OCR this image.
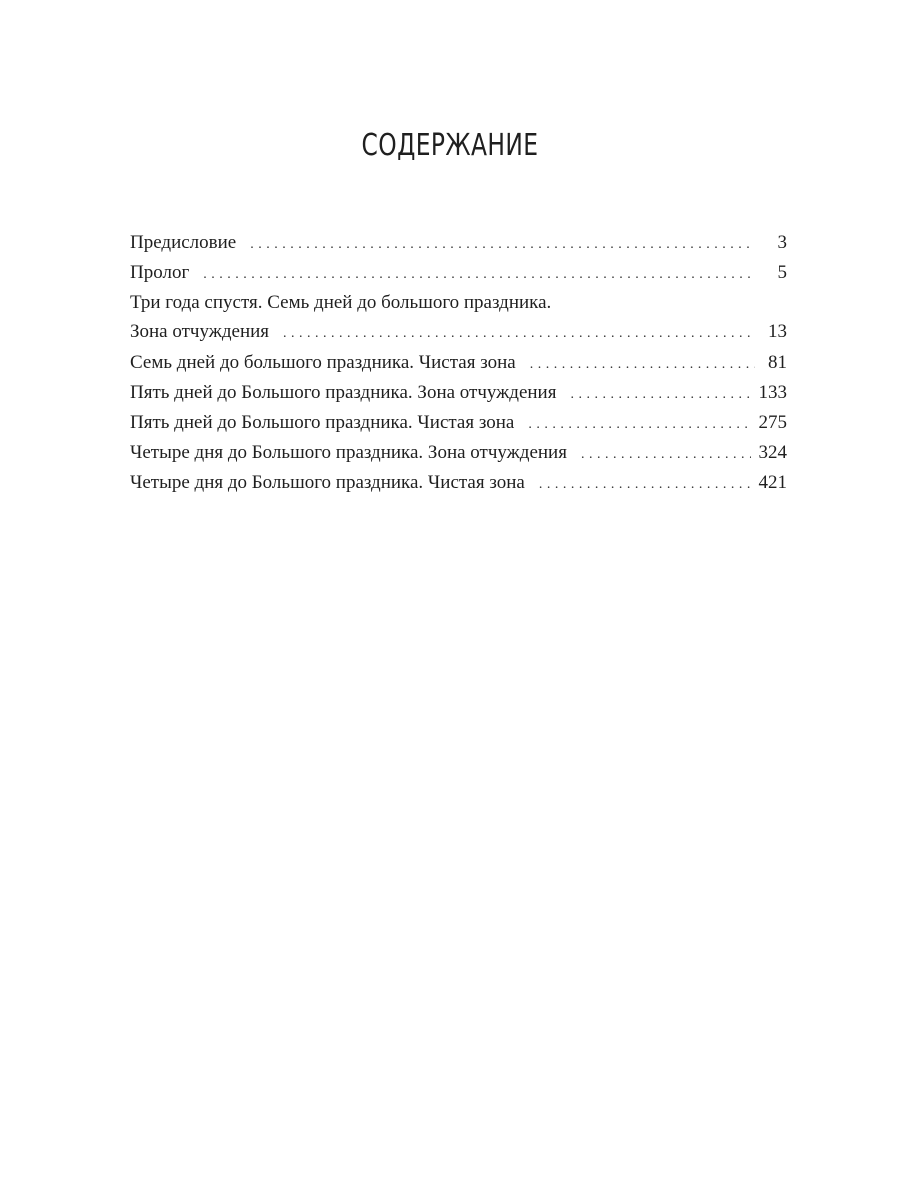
СОДЕРЖАНИЕ
Предисловие . . .	3
Пролог . . .	5
Три года спустя. Семь дней до большого праздника.
Зона отчуждения . . .	13
Семь дней до большого праздника. Чистая зона . . .	81
Пять дней до Большого праздника. Зона отчуждения . . .	133
Пять дней до Большого праздника. Чистая зона . . .	275
Четыре дня до Большого праздника. Зона отчуждения . . .	324
Четыре дня до Большого праздника. Чистая зона . . .	421
